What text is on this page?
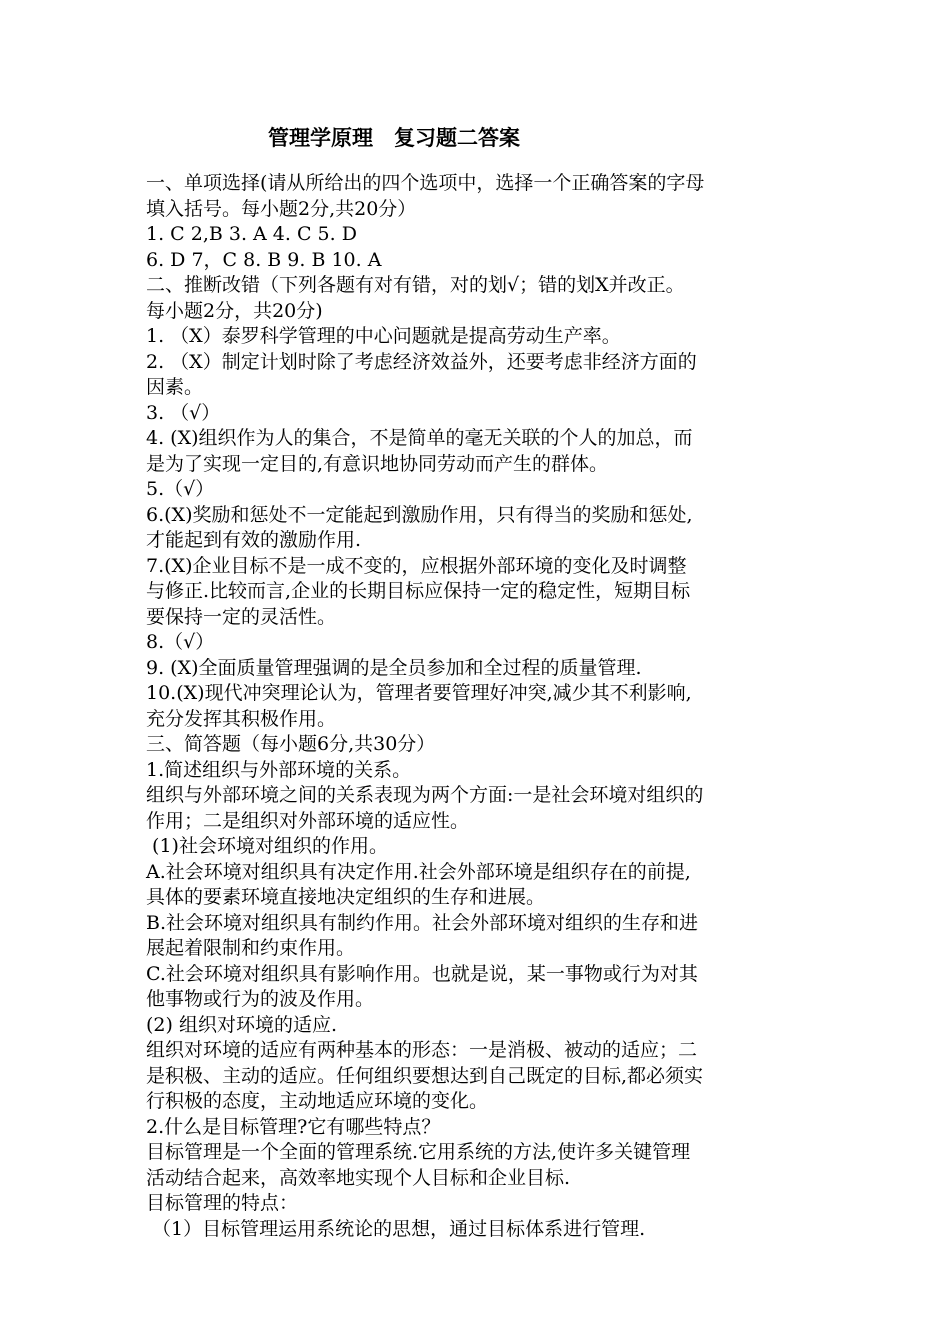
管理学原理　复习题二答案
一、单项选择(请从所给出的四个选项中，选择一个正确答案的字母
填入括号。每小题2分,共20分）
1. C 2,B 3. A 4. C 5. D
6. D 7，C 8. B 9. B 10. A
二、推断改错（下列各题有对有错，对的划√；错的划X并改正。
每小题2分，共20分)
1. （X）泰罗科学管理的中心问题就是提高劳动生产率。
2. （X）制定计划时除了考虑经济效益外，还要考虑非经济方面的
因素。
3. （√）
4. (X)组织作为人的集合，不是简单的毫无关联的个人的加总，而
是为了实现一定目的,有意识地协同劳动而产生的群体。
5.（√）
6.(X)奖励和惩处不一定能起到激励作用，只有得当的奖励和惩处,
才能起到有效的激励作用.
7.(X)企业目标不是一成不变的，应根据外部环境的变化及时调整
与修正.比较而言,企业的长期目标应保持一定的稳定性，短期目标
要保持一定的灵活性。
8.（√）
9. (X)全面质量管理强调的是全员参加和全过程的质量管理.
10.(X)现代冲突理论认为，管理者要管理好冲突,减少其不利影响,
充分发挥其积极作用。
三、简答题（每小题6分,共30分）
1.简述组织与外部环境的关系。
组织与外部环境之间的关系表现为两个方面:一是社会环境对组织的
作用；二是组织对外部环境的适应性。
(1)社会环境对组织的作用。
A.社会环境对组织具有决定作用.社会外部环境是组织存在的前提,
具体的要素环境直接地决定组织的生存和进展。
B.社会环境对组织具有制约作用。社会外部环境对组织的生存和进
展起着限制和约束作用。
C.社会环境对组织具有影响作用。也就是说，某一事物或行为对其
他事物或行为的波及作用。
(2) 组织对环境的适应.
组织对环境的适应有两种基本的形态：一是消极、被动的适应；二
是积极、主动的适应。任何组织要想达到自己既定的目标,都必须实
行积极的态度，主动地适应环境的变化。
2.什么是目标管理?它有哪些特点？
目标管理是一个全面的管理系统.它用系统的方法,使许多关键管理
活动结合起来，高效率地实现个人目标和企业目标.
目标管理的特点：
（1）目标管理运用系统论的思想，通过目标体系进行管理.
